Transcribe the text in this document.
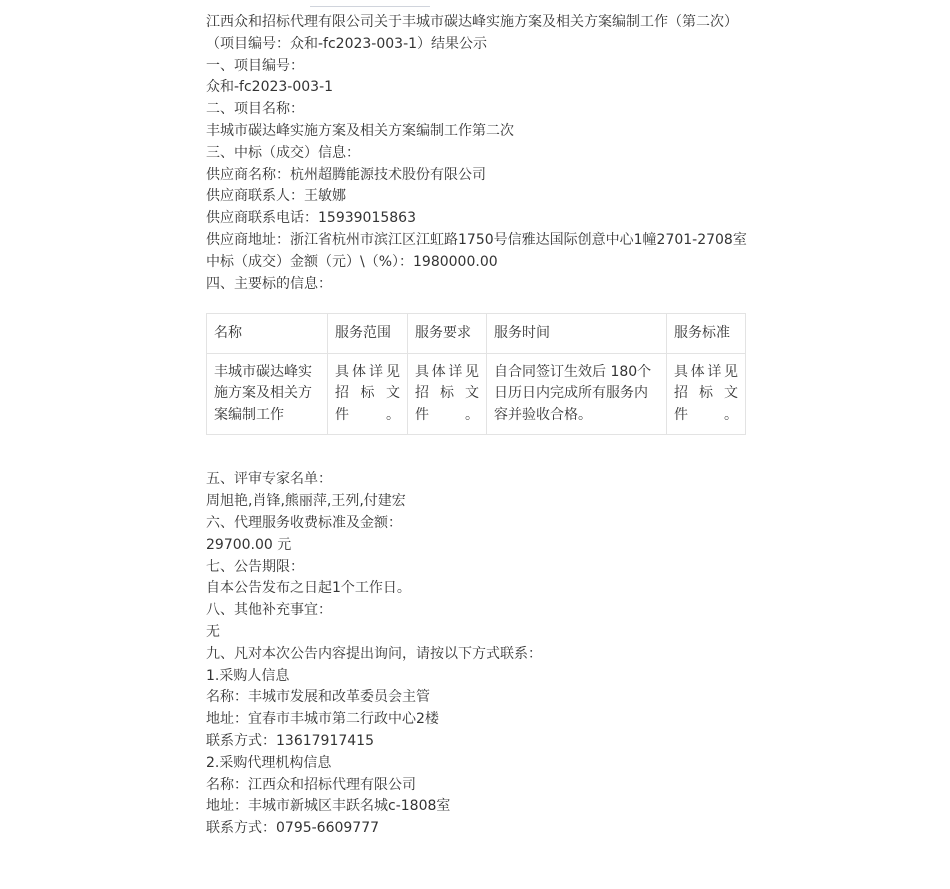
江西众和招标代理有限公司关于丰城市碳达峰实施方案及相关方案编制工作（第二次）（项目编号：众和-fc2023-003-1）结果公示
一、项目编号：
众和-fc2023-003-1
二、项目名称：
丰城市碳达峰实施方案及相关方案编制工作第二次
三、中标（成交）信息：
供应商名称：杭州超腾能源技术股份有限公司
供应商联系人：王敏娜
供应商联系电话：15939015863
供应商地址：浙江省杭州市滨江区江虹路1750号信雅达国际创意中心1幢2701-2708室
中标（成交）金额（元）\（%）：1980000.00
四、主要标的信息：
名称	服务范围	服务要求	服务时间	服务标准
丰城市碳达峰实施方案及相关方案编制工作	具体详见招标文件。	具体详见招标文件。	自合同签订生效后 180个日历日内完成所有服务内容并验收合格。	具体详见招标文件。
五、评审专家名单：
周旭艳,肖锋,熊丽萍,王列,付建宏
六、代理服务收费标准及金额：
29700.00 元
七、公告期限：
自本公告发布之日起1个工作日。
八、其他补充事宜：
无
九、凡对本次公告内容提出询问，请按以下方式联系：
1.采购人信息
名称：丰城市发展和改革委员会主管
地址：宜春市丰城市第二行政中心2楼
联系方式：13617917415
2.采购代理机构信息
名称：江西众和招标代理有限公司
地址：丰城市新城区丰跃名城c-1808室
联系方式：0795-6609777
